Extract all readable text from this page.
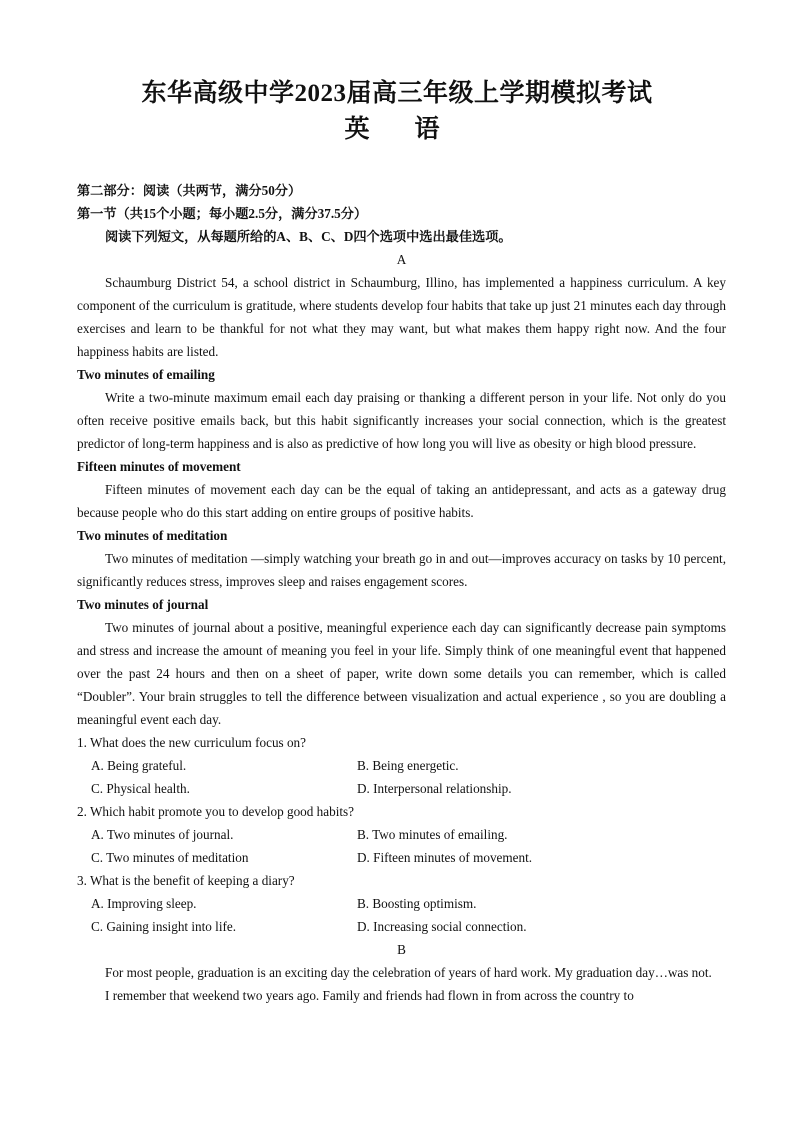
东华高级中学2023届高三年级上学期模拟考试
英　语

第二部分：阅读（共两节，满分50分）

第一节（共15个小题；每小题2.5分，满分37.5分）

阅读下列短文，从每题所给的A、B、C、D四个选项中选出最佳选项。

A

Schaumburg District 54, a school district in Schaumburg, Illino, has implemented a happiness curriculum. A key component of the curriculum is gratitude, where students develop four habits that take up just 21 minutes each day through exercises and learn to be thankful for not what they may want, but what makes them happy right now. And the four happiness habits are listed.

Two minutes of emailing

Write a two-minute maximum email each day praising or thanking a different person in your life. Not only do you often receive positive emails back, but this habit significantly increases your social connection, which is the greatest predictor of long-term happiness and is also as predictive of how long you will live as obesity or high blood pressure.

Fifteen minutes of movement

Fifteen minutes of movement each day can be the equal of taking an antidepressant, and acts as a gateway drug because people who do this start adding on entire groups of positive habits.

Two minutes of meditation

Two minutes of meditation —simply watching your breath go in and out—improves accuracy on tasks by 10 percent, significantly reduces stress, improves sleep and raises engagement scores.

Two minutes of journal

Two minutes of journal about a positive, meaningful experience each day can significantly decrease pain symptoms and stress and increase the amount of meaning you feel in your life. Simply think of one meaningful event that happened over the past 24 hours and then on a sheet of paper, write down some details you can remember, which is called “Doubler”. Your brain struggles to tell the difference between visualization and actual experience , so you are doubling a meaningful event each day.

1. What does the new curriculum focus on?

A. Being grateful.	B. Being energetic.
C. Physical health.	D. Interpersonal relationship.

2. Which habit promote you to develop good habits?

A. Two minutes of journal.	B. Two minutes of emailing.
C. Two minutes of meditation	D. Fifteen minutes of movement.

3. What is the benefit of keeping a diary?

A. Improving sleep.	B. Boosting optimism.
C. Gaining insight into life.	D. Increasing social connection.

B

For most people, graduation is an exciting day the celebration of years of hard work. My graduation day…was not.

I remember that weekend two years ago. Family and friends had flown in from across the country to
